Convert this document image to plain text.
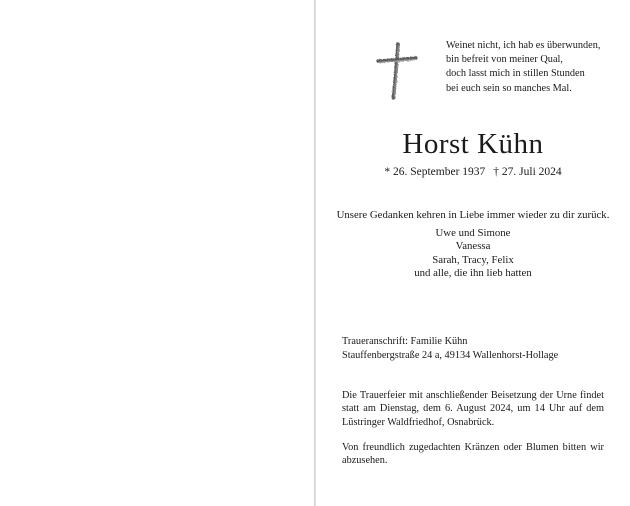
Weinet nicht, ich hab es überwunden,
bin befreit von meiner Qual,
doch lasst mich in stillen Stunden
bei euch sein so manches Mal.
Horst Kühn
* 26. September 1937 † 27. Juli 2024
Unsere Gedanken kehren in Liebe immer wieder zu dir zurück.
Uwe und Simone
Vanessa
Sarah, Tracy, Felix
und alle, die ihn lieb hatten
Traueranschrift: Familie Kühn
Stauffenbergstraße 24 a, 49134 Wallenhorst-Hollage
Die Trauerfeier mit anschließender Beisetzung der Urne findet statt am Dienstag, dem 6. August 2024, um 14 Uhr auf dem Lüstringer Waldfriedhof, Osnabrück.
Von freundlich zugedachten Kränzen oder Blumen bitten wir abzusehen.
